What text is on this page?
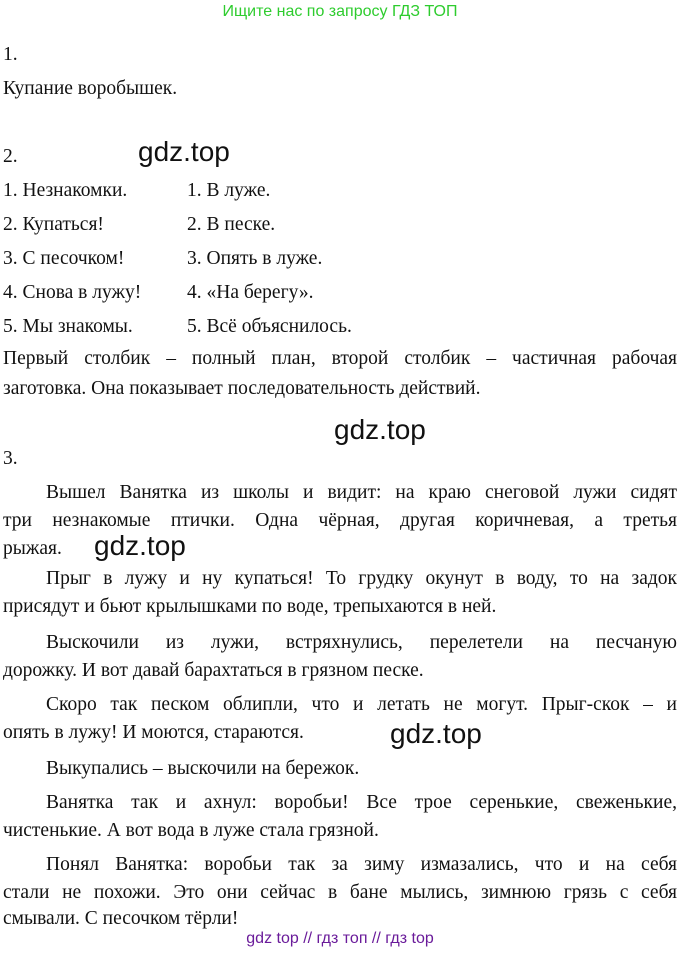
Ищите нас по запросу ГДЗ ТОП
1.
Купание воробышек.
2.	gdz.top
1. Незнакомки.
2. Купаться!
3. С песочком!
4. Снова в лужу!
5. Мы знакомы.
1. В луже.
2. В песке.
3. Опять в луже.
4. «На берегу».
5. Всё объяснилось.
Первый столбик – полный план, второй столбик – частичная рабочая
заготовка. Она показывает последовательность действий.
gdz.top
3.
Вышел Ванятка из школы и видит: на краю снеговой лужи сидят
три незнакомые птички. Одна чёрная, другая коричневая, а третья
рыжая. gdz.top
Прыг в лужу и ну купаться! То грудку окунут в воду, то на задок
присядут и бьют крылышками по воде, трепыхаются в ней.
Выскочили из лужи, встряхнулись, перелетели на песчаную
дорожку. И вот давай барахтаться в грязном песке.
Скоро так песком облипли, что и летать не могут. Прыг-скок – и
опять в лужу! И моются, стараются.	gdz.top
Выкупались – выскочили на бережок.
Ванятка так и ахнул: воробьи! Все трое серенькие, свеженькие,
чистенькие. А вот вода в луже стала грязной.
Понял Ванятка: воробьи так за зиму измазались, что и на себя
стали не похожи. Это они сейчас в бане мылись, зимнюю грязь с себя
смывали. С песочком тёрли!
gdz top // гдз топ // гдз top
